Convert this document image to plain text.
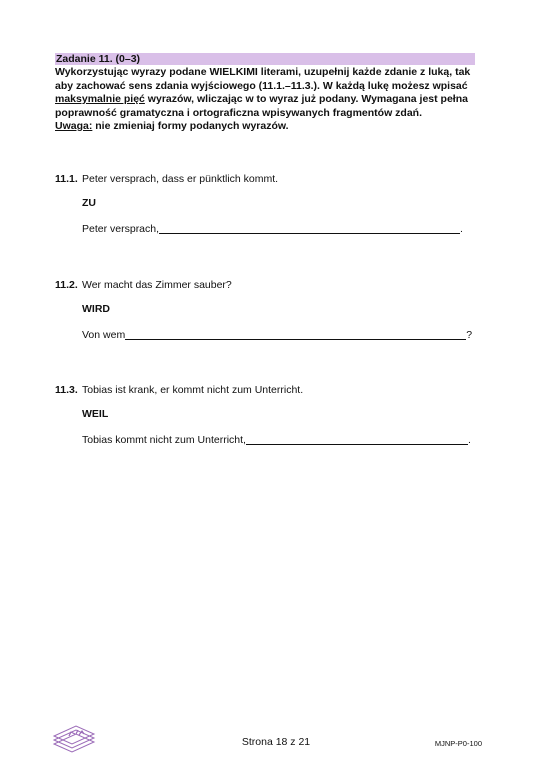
Zadanie 11. (0–3)
Wykorzystując wyrazy podane WIELKIMI literami, uzupełnij każde zdanie z luką, tak
aby zachować sens zdania wyjściowego (11.1.–11.3.). W każdą lukę możesz wpisać
maksymalnie pięć wyrazów, wliczając w to wyraz już podany. Wymagana jest pełna
poprawność gramatyczna i ortograficzna wpisywanych fragmentów zdań.
Uwaga: nie zmieniaj formy podanych wyrazów.
11.1. Peter versprach, dass er pünktlich kommt.
ZU
Peter versprach,	.
11.2. Wer macht das Zimmer sauber?
WIRD
Von wem	?
11.3. Tobias ist krank, er kommt nicht zum Unterricht.
WEIL
Tobias kommt nicht zum Unterricht,	.
Strona 18 z 21	MJNP-P0-100
